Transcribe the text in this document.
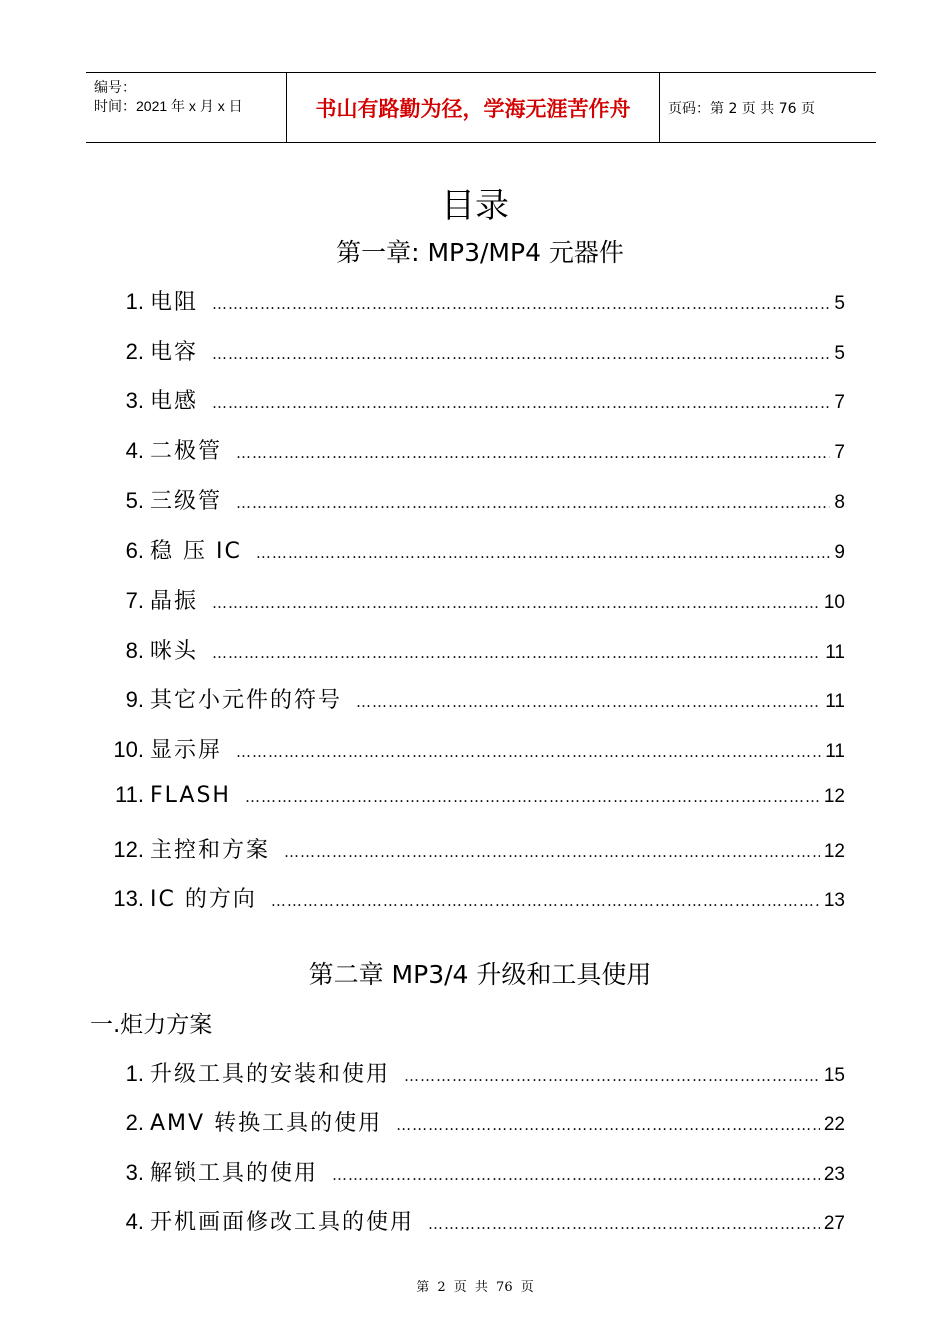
编号：
时间：2021 年 x 月 x 日	书山有路勤为径，学海无涯苦作舟	页码：第 2 页 共 76 页
目录
第一章: MP3/MP4 元器件
1. 电阻 …………………………………………………………………………………………………………………………………………………………	5
2. 电容 …………………………………………………………………………………………………………………………………………………………	5
3. 电感 …………………………………………………………………………………………………………………………………………………………	7
4. 二极管 …………………………………………………………………………………………………………………………………………………………	7
5. 三级管 …………………………………………………………………………………………………………………………………………………………	8
6. 稳 压 IC …………………………………………………………………………………………………………………………………………………………	9
7. 晶振 …………………………………………………………………………………………………………………………………………………………	10
8. 咪头 …………………………………………………………………………………………………………………………………………………………	11
9. 其它小元件的符号 …………………………………………………………………………………………………………………………………………………………	11
10. 显示屏 …………………………………………………………………………………………………………………………………………………………	11
11. FLASH …………………………………………………………………………………………………………………………………………………………	12
12. 主控和方案 …………………………………………………………………………………………………………………………………………………………	12
13. IC 的方向 …………………………………………………………………………………………………………………………………………………………	13
第二章 MP3/4 升级和工具使用
一.炬力方案
1. 升级工具的安装和使用 …………………………………………………………………………………………………………………………………………………………	15
2. AMV 转换工具的使用 …………………………………………………………………………………………………………………………………………………………	22
3. 解锁工具的使用 …………………………………………………………………………………………………………………………………………………………	23
4. 开机画面修改工具的使用 …………………………………………………………………………………………………………………………………………………………	27
第 2 页 共 76 页
